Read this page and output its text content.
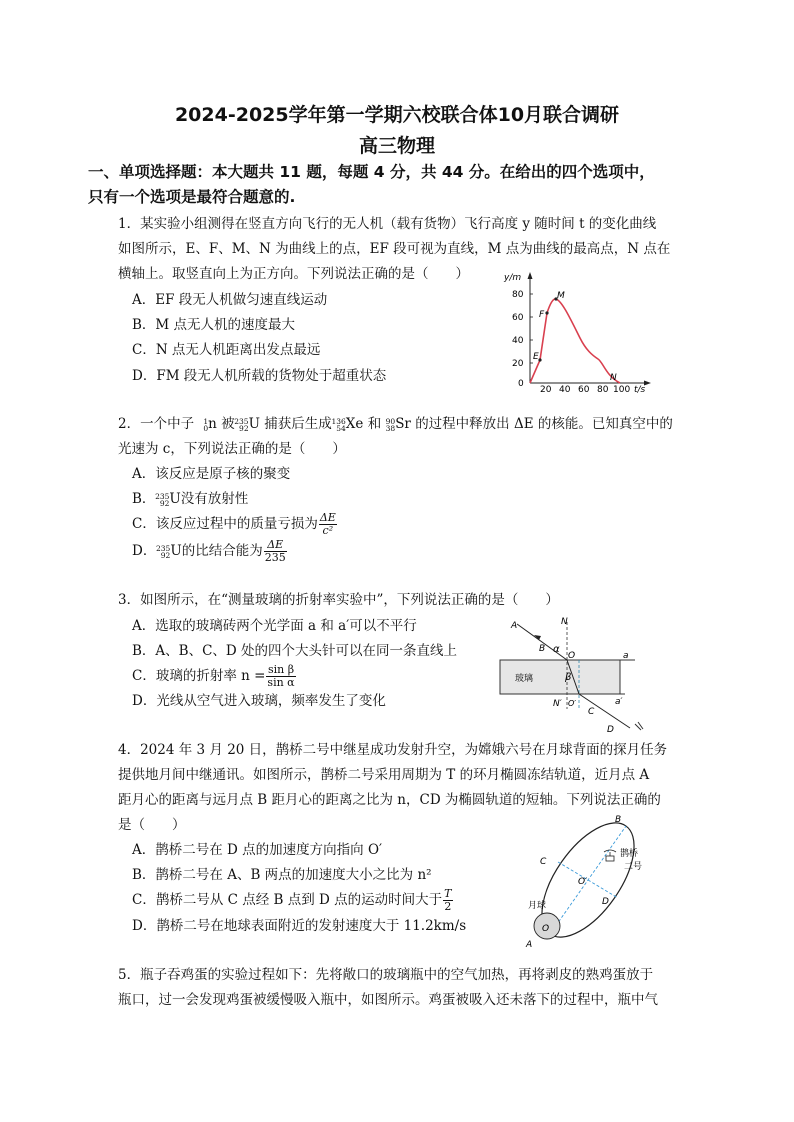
2024-2025学年第一学期六校联合体10月联合调研
高三物理
一、单项选择题：本大题共 11 题，每题 4 分，共 44 分。在给出的四个选项中，
只有一个选项是最符合题意的.
1．某实验小组测得在竖直方向飞行的无人机（载有货物）飞行高度 y 随时间 t 的变化曲线
如图所示，E、F、M、N 为曲线上的点，EF 段可视为直线，M 点为曲线的最高点，N 点在
横轴上。取竖直向上为正方向。下列说法正确的是（　　）
A．EF 段无人机做匀速直线运动
B．M 点无人机的速度最大
C．N 点无人机距离出发点最远
D．FM 段无人机所载的货物处于超重状态
y/m
t/s
80
60
40
20
0
20 40 60 80 100
E
F
M
N
2．一个中子 1
0 n 被 235
92 U 捕获后生成 136
54 Xe 和 90
38 Sr 的过程中释放出 ΔE 的核能。已知真空中的
光速为 c，下列说法正确的是（　　）
A．该反应是原子核的聚变
B． 235
92 U没有放射性
C．该反应过程中的质量亏损为 $\frac{\Delta E}{\text{c²}}$
D． 235
92 U的比结合能为 $\frac{\Delta E}{235}$
3．如图所示，在“测量玻璃的折射率实验中”，下列说法正确的是（　　）
A．选取的玻璃砖两个光学面 a 和 a′可以不平行
B．A、B、C、D 处的四个大头针可以在同一条直线上
C．玻璃的折射率 $n = \frac{\text{sin β}}{\text{sin α}}$
D．光线从空气进入玻璃，频率发生了变化
玻璃
A
B
C
D
N
N′
O
O′
a
a′
α
β
4．2024 年 3 月 20 日，鹊桥二号中继星成功发射升空，为嫦娥六号在月球背面的探月任务
提供地月间中继通讯。如图所示，鹊桥二号采用周期为 T 的环月椭圆冻结轨道，近月点 A
距月心的距离与远月点 B 距月心的距离之比为 n，CD 为椭圆轨道的短轴。下列说法正确的
是（　　）
A．鹊桥二号在 D 点的加速度方向指向 O′
B．鹊桥二号在 A、B 两点的加速度大小之比为 n²
C．鹊桥二号从 C 点经 B 点到 D 点的运动时间大于 $\frac{T}{2}$
D．鹊桥二号在地球表面附近的发射速度大于 11.2km/s
月球
O
O′
A
B
C
D
鹊桥
二号
5．瓶子吞鸡蛋的实验过程如下：先将敞口的玻璃瓶中的空气加热，再将剥皮的熟鸡蛋放于
瓶口，过一会发现鸡蛋被缓慢吸入瓶中，如图所示。鸡蛋被吸入还未落下的过程中，瓶中气
